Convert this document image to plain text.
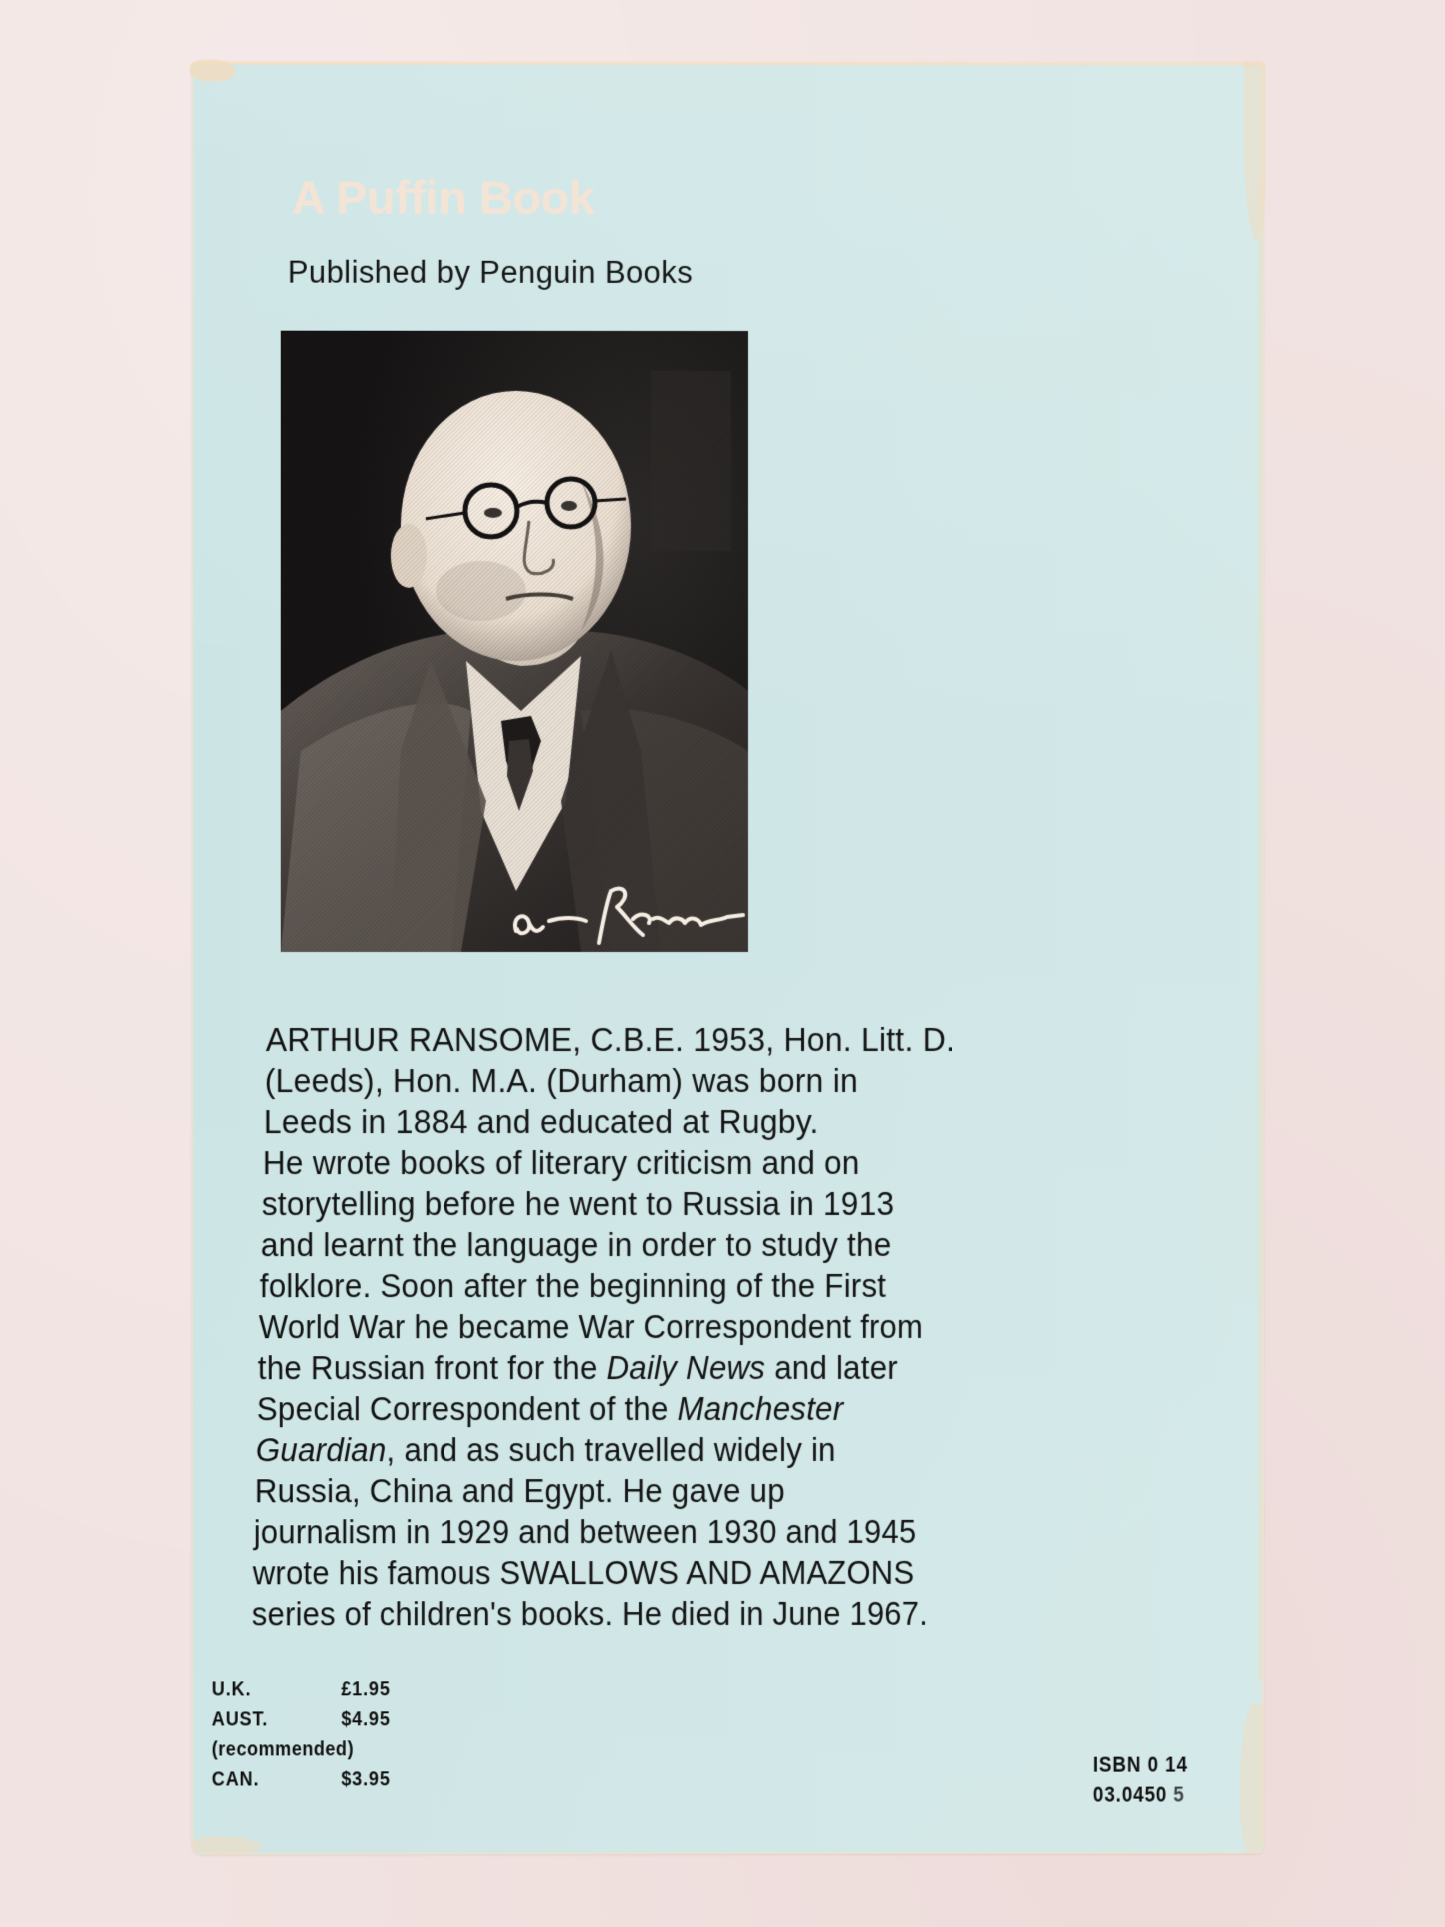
A Puffin Book
Published by Penguin Books
ARTHUR RANSOME, C.B.E. 1953, Hon. Litt. D.
(Leeds), Hon. M.A. (Durham) was born in
Leeds in 1884 and educated at Rugby.
He wrote books of literary criticism and on
storytelling before he went to Russia in 1913
and learnt the language in order to study the
folklore. Soon after the beginning of the First
World War he became War Correspondent from
the Russian front for the Daily News and later
Special Correspondent of the Manchester
Guardian, and as such travelled widely in
Russia, China and Egypt. He gave up
journalism in 1929 and between 1930 and 1945
wrote his famous SWALLOWS AND AMAZONS
series of children's books. He died in June 1967.
U.K.	£1.95
AUST.	$4.95
(recommended)
CAN.	$3.95
ISBN 0 14
03.0450 5
